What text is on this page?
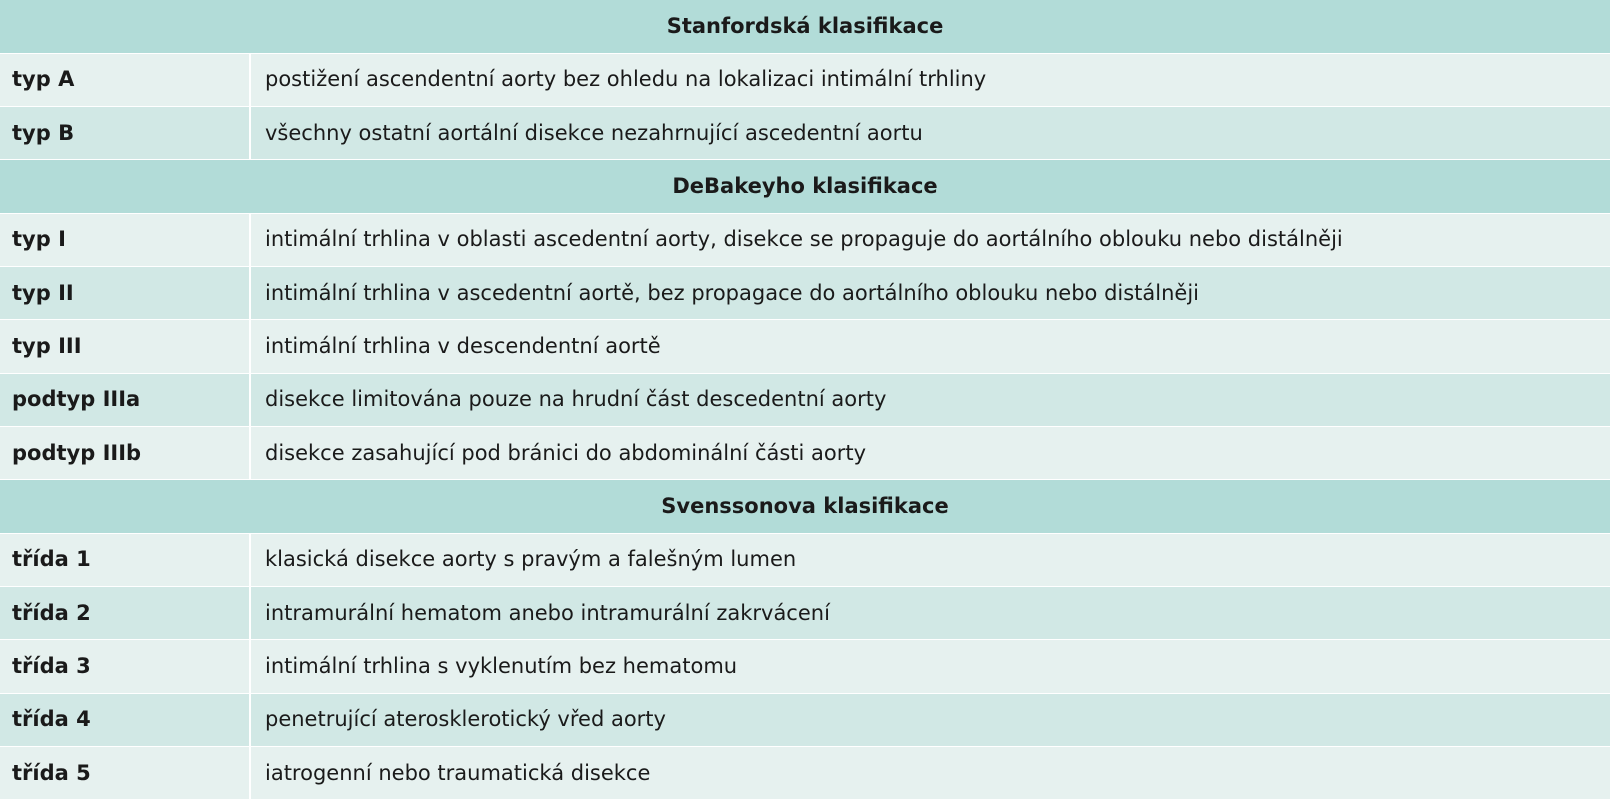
Stanfordská klasifikace	
typ A	postižení ascendentní aorty bez ohledu na lokalizaci intimální trhliny
typ B	všechny ostatní aortální disekce nezahrnující ascedentní aortu
DeBakeyho klasifikace	
typ I	intimální trhlina v oblasti ascedentní aorty, disekce se propaguje do aortálního oblouku nebo distálněji
typ II	intimální trhlina v ascedentní aortě, bez propagace do aortálního oblouku nebo distálněji
typ III	intimální trhlina v descendentní aortě
podtyp IIIa	disekce limitována pouze na hrudní část descedentní aorty
podtyp IIIb	disekce zasahující pod bránici do abdominální části aorty
Svenssonova klasifikace	
třída 1	klasická disekce aorty s pravým a falešným lumen
třída 2	intramurální hematom anebo intramurální zakrvácení
třída 3	intimální trhlina s vyklenutím bez hematomu
třída 4	penetrující aterosklerotický vřed aorty
třída 5	iatrogenní nebo traumatická disekce
